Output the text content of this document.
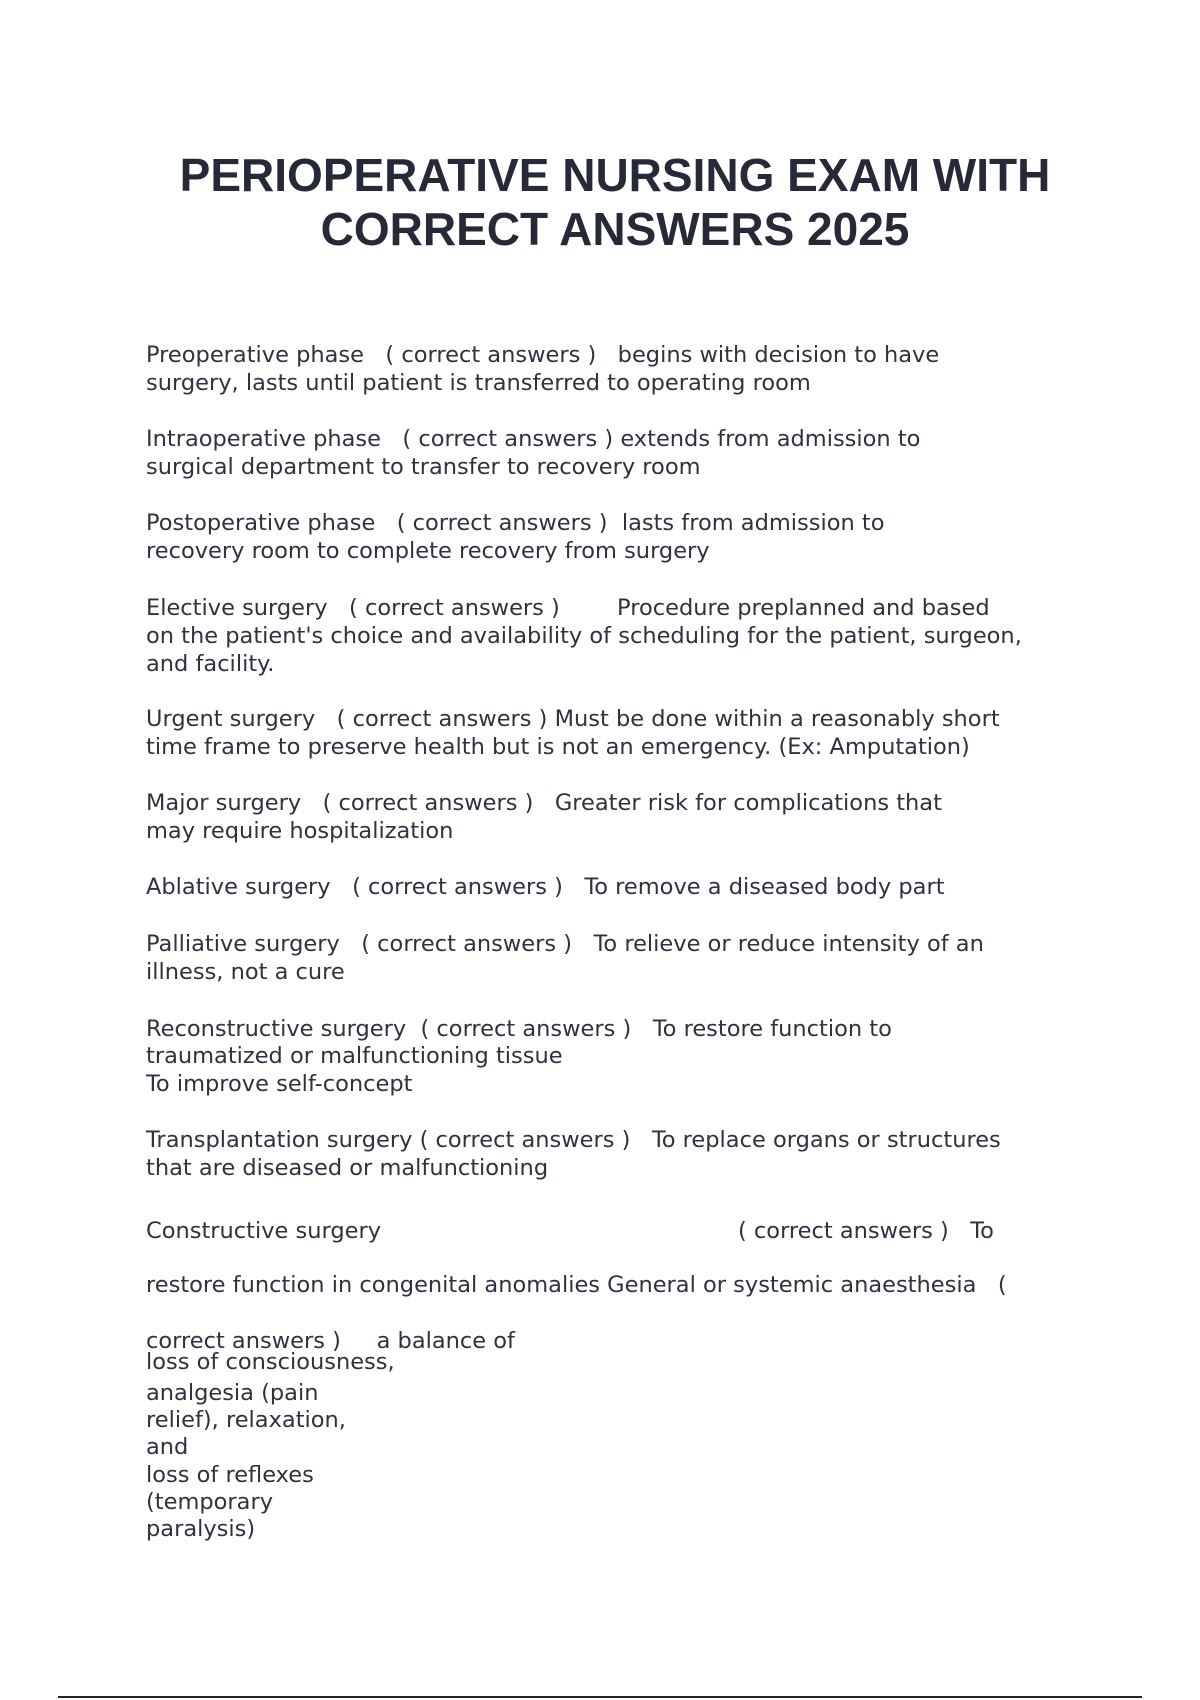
PERIOPERATIVE NURSING EXAM WITH
CORRECT ANSWERS 2025

Preoperative phase   ( correct answers )   begins with decision to have

surgery, lasts until patient is transferred to operating room

Intraoperative phase   ( correct answers ) extends from admission to

surgical department to transfer to recovery room

Postoperative phase   ( correct answers )  lasts from admission to

recovery room to complete recovery from surgery

Elective surgery   ( correct answers )        Procedure preplanned and based

on the patient's choice and availability of scheduling for the patient, surgeon,

and facility.

Urgent surgery   ( correct answers ) Must be done within a reasonably short

time frame to preserve health but is not an emergency. (Ex: Amputation)

Major surgery   ( correct answers )   Greater risk for complications that

may require hospitalization

Ablative surgery   ( correct answers )   To remove a diseased body part

Palliative surgery   ( correct answers )   To relieve or reduce intensity of an

illness, not a cure

Reconstructive surgery  ( correct answers )   To restore function to

traumatized or malfunctioning tissue

To improve self-concept

Transplantation surgery ( correct answers )   To replace organs or structures

that are diseased or malfunctioning

Constructive surgery	( correct answers )   To

restore function in congenital anomalies General or systemic anaesthesia   (

correct answers )     a balance of

loss of consciousness,

analgesia (pain

relief), relaxation,

and

loss of reflexes

(temporary

paralysis)
